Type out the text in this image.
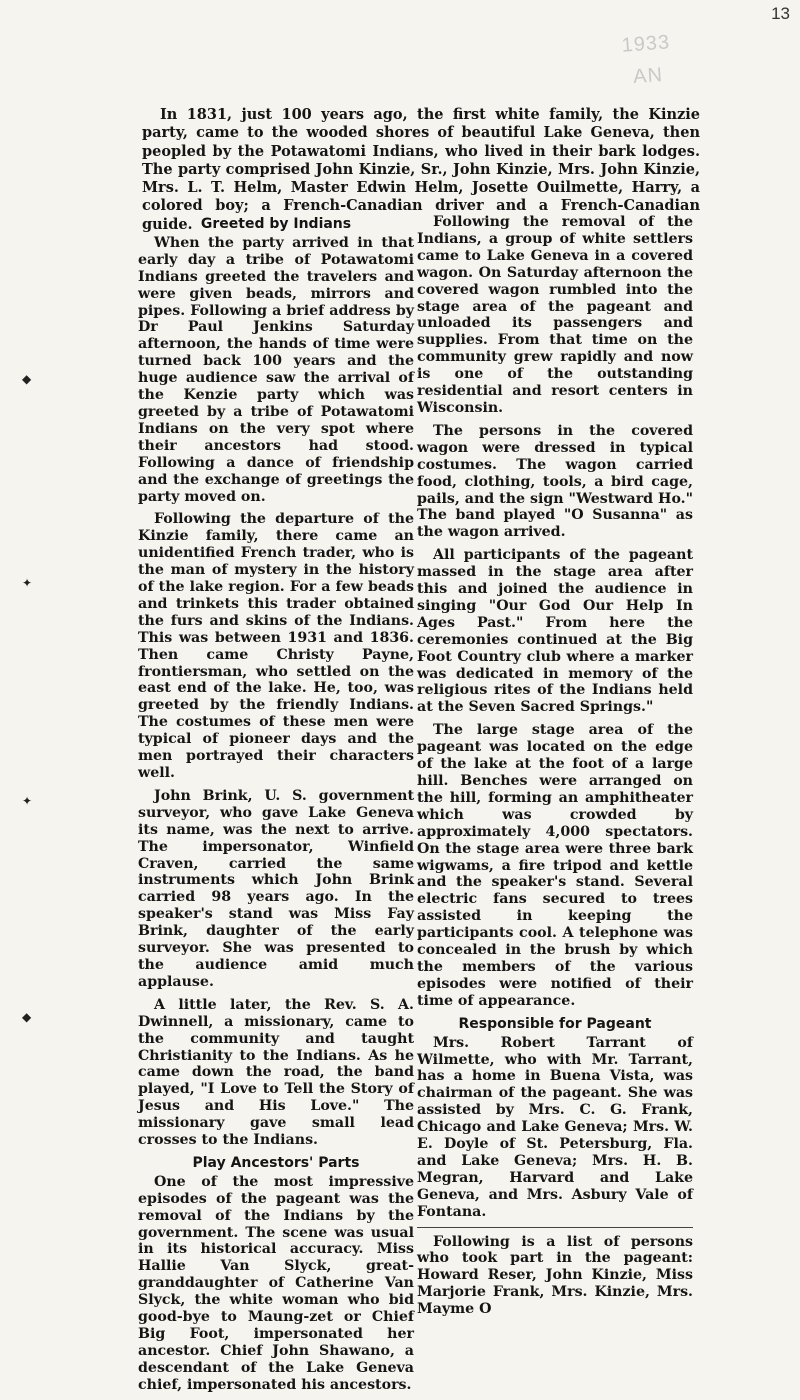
13
1933
AN
◆
✦
✦
◆

In 1831, just 100 years ago, the first white family, the Kinzie party, came to the wooded shores of beautiful Lake Geneva, then peopled by the Potawatomi Indians, who lived in their bark lodges. The party comprised John Kinzie, Sr., John Kinzie, Mrs. John Kinzie, Mrs. L. T. Helm, Master Edwin Helm, Josette Ouilmette, Harry, a colored boy; a French-Canadian driver and a French-Canadian guide. Greeted by Indians

When the party arrived in that early day a tribe of Potawatomi Indians greeted the travelers and were given beads, mirrors and pipes. Following a brief address by Dr Paul Jenkins Saturday afternoon, the hands of time were turned back 100 years and the huge audience saw the arrival of the Kenzie party which was greeted by a tribe of Potawatomi Indians on the very spot where their ancestors had stood. Following a dance of friendship and the exchange of greetings the party moved on.

Following the departure of the Kinzie family, there came an unidentified French trader, who is the man of mystery in the history of the lake region. For a few beads and trinkets this trader obtained the furs and skins of the Indians. This was between 1931 and 1836. Then came Christy Payne, frontiersman, who settled on the east end of the lake. He, too, was greeted by the friendly Indians. The costumes of these men were typical of pioneer days and the men portrayed their characters well.

John Brink, U. S. government surveyor, who gave Lake Geneva its name, was the next to arrive. The impersonator, Winfield Craven, carried the same instruments which John Brink carried 98 years ago. In the speaker's stand was Miss Fay Brink, daughter of the early surveyor. She was presented to the audience amid much applause.

A little later, the Rev. S. A. Dwinnell, a missionary, came to the community and taught Christianity to the Indians. As he came down the road, the band played, "I Love to Tell the Story of Jesus and His Love." The missionary gave small lead crosses to the Indians.

Play Ancestors' Parts

One of the most impressive episodes of the pageant was the removal of the Indians by the government. The scene was usual in its historical accuracy. Miss Hallie Van Slyck, great-granddaughter of Catherine Van Slyck, the white woman who bid good-bye to Maung-zet or Chief Big Foot, impersonated her ancestor. Chief John Shawano, a descendant of the Lake Geneva chief, impersonated his ancestors.

Following the removal of the Indians, a group of white settlers came to Lake Geneva in a covered wagon. On Saturday afternoon the covered wagon rumbled into the stage area of the pageant and unloaded its passengers and supplies. From that time on the community grew rapidly and now is one of the outstanding residential and resort centers in Wisconsin.

The persons in the covered wagon were dressed in typical costumes. The wagon carried food, clothing, tools, a bird cage, pails, and the sign "Westward Ho." The band played "O Susanna" as the wagon arrived.

All participants of the pageant massed in the stage area after this and joined the audience in singing "Our God Our Help In Ages Past." From here the ceremonies continued at the Big Foot Country club where a marker was dedicated in memory of the religious rites of the Indians held at the Seven Sacred Springs."

The large stage area of the pageant was located on the edge of the lake at the foot of a large hill. Benches were arranged on the hill, forming an amphitheater which was crowded by approximately 4,000 spectators. On the stage area were three bark wigwams, a fire tripod and kettle and the speaker's stand. Several electric fans secured to trees assisted in keeping the participants cool. A telephone was concealed in the brush by which the members of the various episodes were notified of their time of appearance.

Responsible for Pageant

Mrs. Robert Tarrant of Wilmette, who with Mr. Tarrant, has a home in Buena Vista, was chairman of the pageant. She was assisted by Mrs. C. G. Frank, Chicago and Lake Geneva; Mrs. W. E. Doyle of St. Petersburg, Fla. and Lake Geneva; Mrs. H. B. Megran, Harvard and Lake Geneva, and Mrs. Asbury Vale of Fontana.

Following is a list of persons who took part in the pageant: Howard Reser, John Kinzie, Miss Marjorie Frank, Mrs. Kinzie, Mrs. Mayme O
